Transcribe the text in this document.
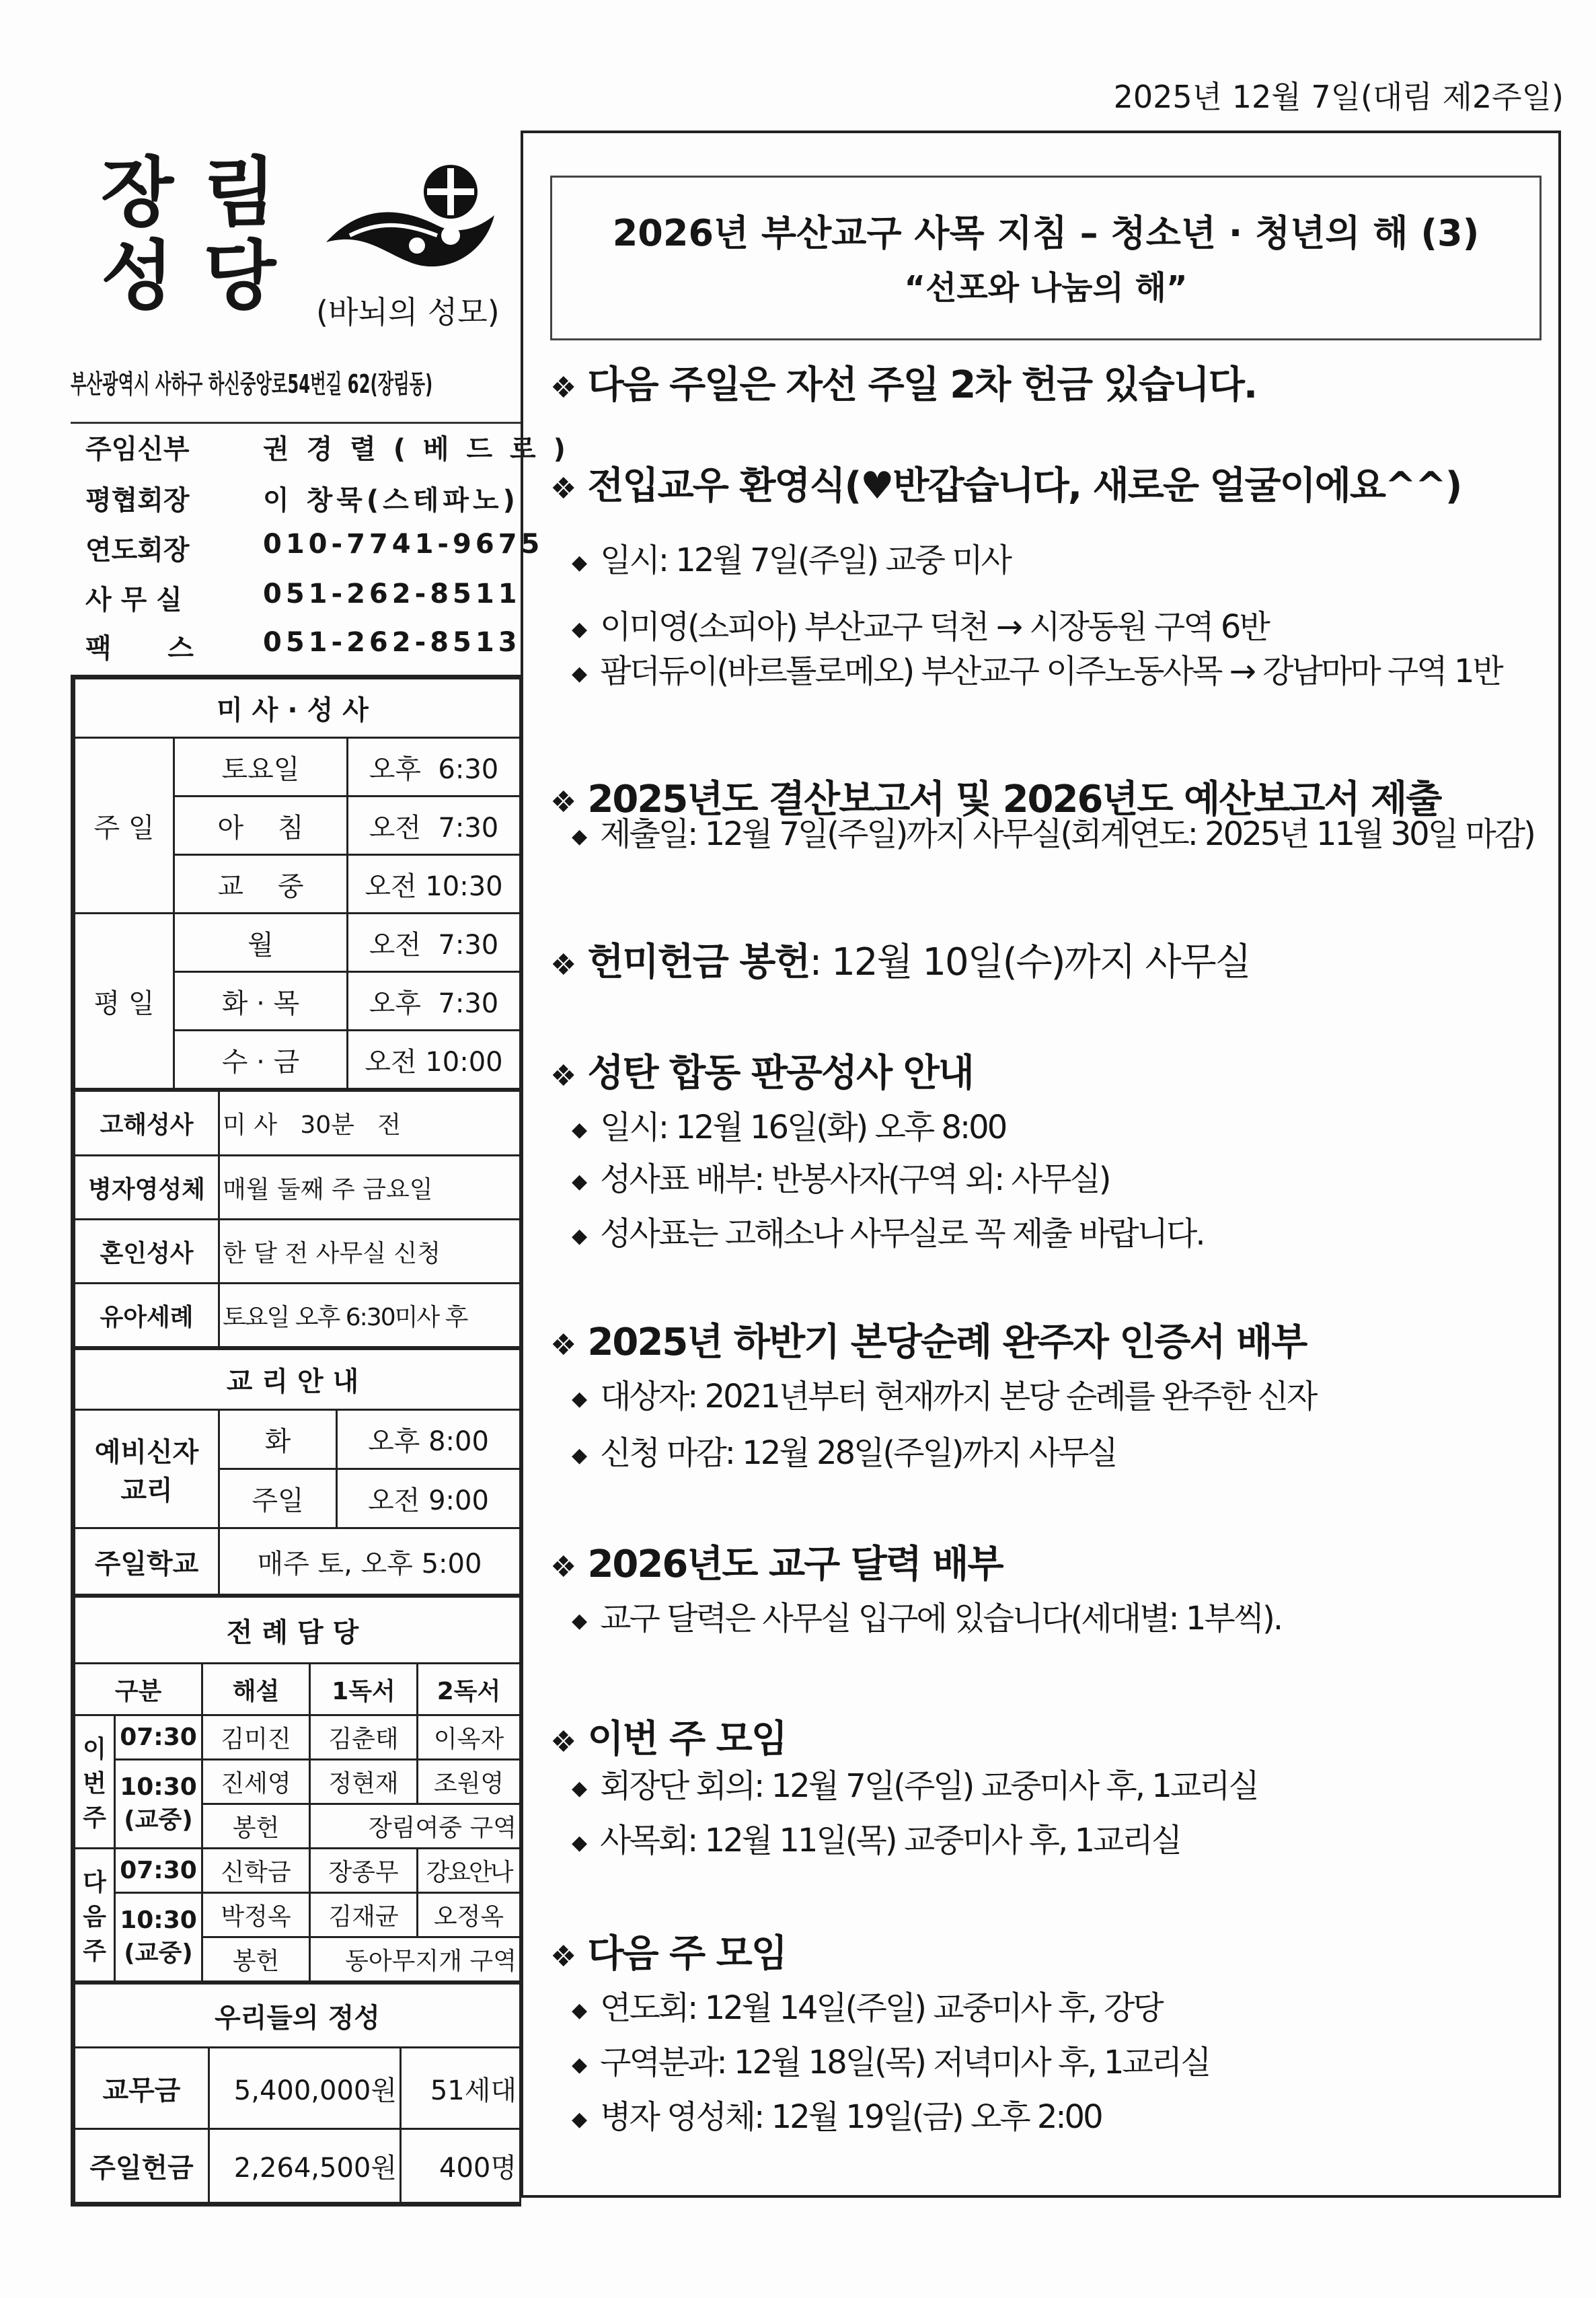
2025년 12월 7일(대림 제2주일)
장림
성당 (바뇌의 성모)
부산광역시 사하구 하신중앙로54번길 62(장림동)
주임신부	권 경 렬 ( 베 드 로 )
평협회장	이 창묵(스테파노)
연도회장	010-7741-9675
사 무 실	051-262-8511
팩      스	051-262-8513
미사·성사		
주 일	토요일	오후  6:30
	아    침	오전  7:30
	교    중	오전 10:30
평 일	월	오전  7:30
	화 · 목	오후  7:30
	수 · 금	오전 10:00
고해성사	미 사   30분   전
병자영성체	매월 둘째 주 금요일
혼인성사	한 달 전 사무실 신청
유아세례	토요일 오후 6:30미사 후
교리안내		
예비신자 교리	화	오후 8:00
	주일	오전 9:00
주일학교	매주 토, 오후 5:00	
전례담당				
구분		해설	1독서	2독서
이번주	07:30	김미진	김춘태	이옥자
	10:30 (교중)	진세영	정현재	조원영
		봉헌	장림여중 구역	
다음주	07:30	신학금	장종무	강요안나
	10:30 (교중)	박정옥	김재균	오정옥
		봉헌	동아무지개 구역	
우리들의 정성		
교무금	5,400,000원	51세대
주일헌금	2,264,500원	400명
2026년 부산교구 사목 지침 – 청소년 · 청년의 해 (3)
“선포와 나눔의 해”
❖ 다음 주일은 자선 주일 2차 헌금 있습니다.
❖ 전입교우 환영식(♥반갑습니다, 새로운 얼굴이에요^^)
◆ 일시: 12월 7일(주일) 교중 미사
◆ 이미영(소피아) 부산교구 덕천 → 시장동원 구역 6반
◆ 팜더듀이(바르톨로메오) 부산교구 이주노동사목 → 강남마마 구역 1반
❖ 2025년도 결산보고서 및 2026년도 예산보고서 제출
◆ 제출일: 12월 7일(주일)까지 사무실(회계연도: 2025년 11월 30일 마감)
❖ 헌미헌금 봉헌: 12월 10일(수)까지 사무실
❖ 성탄 합동 판공성사 안내
◆ 일시: 12월 16일(화) 오후 8:00
◆ 성사표 배부: 반봉사자(구역 외: 사무실)
◆ 성사표는 고해소나 사무실로 꼭 제출 바랍니다.
❖ 2025년 하반기 본당순례 완주자 인증서 배부
◆ 대상자: 2021년부터 현재까지 본당 순례를 완주한 신자
◆ 신청 마감: 12월 28일(주일)까지 사무실
❖ 2026년도 교구 달력 배부
◆ 교구 달력은 사무실 입구에 있습니다(세대별: 1부씩).
❖ 이번 주 모임
◆ 회장단 회의: 12월 7일(주일) 교중미사 후, 1교리실
◆ 사목회: 12월 11일(목) 교중미사 후, 1교리실
❖ 다음 주 모임
◆ 연도회: 12월 14일(주일) 교중미사 후, 강당
◆ 구역분과: 12월 18일(목) 저녁미사 후, 1교리실
◆ 병자 영성체: 12월 19일(금) 오후 2:00
